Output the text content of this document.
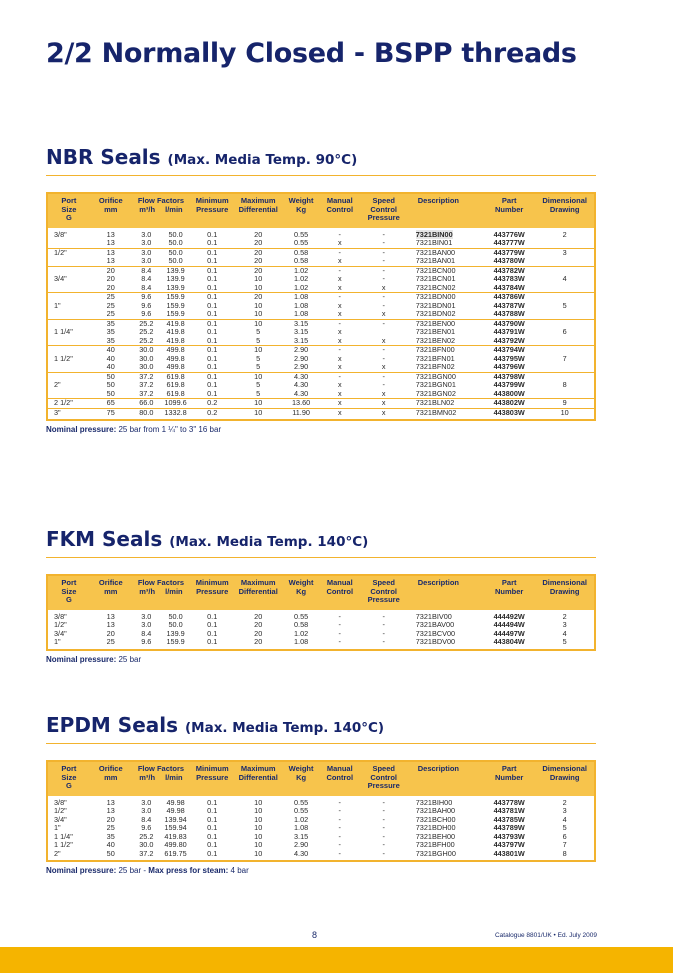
2/2 Normally Closed - BSPP threads
NBR Seals (Max. Media Temp. 90°C)
Port
Size
G	Orifice
mm	Flow Factors
m³/h l/min		Minimum
Pressure	Maximum
Differential	Weight
Kg	Manual
Control	Speed
Control
Pressure	Description	Part
Number	Dimensional
Drawing

3/8"	13	3.0	50.0	0.1	20	0.55	-	-	7321BIN00	443776W	2
	13	3.0	50.0	0.1	20	0.55	x	-	7321BIN01	443777W	
1/2"	13	3.0	50.0	0.1	20	0.58	-	-	7321BAN00	443779W	3
	13	3.0	50.0	0.1	20	0.58	x	-	7321BAN01	443780W	
	20	8.4	139.9	0.1	20	1.02	-	-	7321BCN00	443782W	
3/4"	20	8.4	139.9	0.1	10	1.02	x	-	7321BCN01	443783W	4
	20	8.4	139.9	0.1	10	1.02	x	x	7321BCN02	443784W	
	25	9.6	159.9	0.1	20	1.08	-	-	7321BDN00	443786W	
1"	25	9.6	159.9	0.1	10	1.08	x	-	7321BDN01	443787W	5
	25	9.6	159.9	0.1	10	1.08	x	x	7321BDN02	443788W	
	35	25.2	419.8	0.1	10	3.15	-	-	7321BEN00	443790W	
1 1/4"	35	25.2	419.8	0.1	5	3.15	x		7321BEN01	443791W	6
	35	25.2	419.8	0.1	5	3.15	x	x	7321BEN02	443792W	
	40	30.0	499.8	0.1	10	2.90	-	-	7321BFN00	443794W	
1 1/2"	40	30.0	499.8	0.1	5	2.90	x	-	7321BFN01	443795W	7
	40	30.0	499.8	0.1	5	2.90	x	x	7321BFN02	443796W	
	50	37.2	619.8	0.1	10	4.30	-	-	7321BGN00	443798W	
2"	50	37.2	619.8	0.1	5	4.30	x	-	7321BGN01	443799W	8
	50	37.2	619.8	0.1	5	4.30	x	x	7321BGN02	443800W	
2 1/2"	65	66.0	1099.6	0.2	10	13.60	x	x	7321BLN02	443802W	9
3"	75	80.0	1332.8	0.2	10	11.90	x	x	7321BMN02	443803W	10
Nominal pressure: 25 bar from 1 ¼" to 3" 16 bar
FKM Seals (Max. Media Temp. 140°C)
Port
Size
G	Orifice
mm	Flow Factors
m³/h l/min		Minimum
Pressure	Maximum
Differential	Weight
Kg	Manual
Control	Speed
Control
Pressure	Description	Part
Number	Dimensional
Drawing

3/8"	13	3.0	50.0	0.1	20	0.55	-	-	7321BIV00	444492W	2
1/2"	13	3.0	50.0	0.1	20	0.58	-	-	7321BAV00	444494W	3
3/4"	20	8.4	139.9	0.1	20	1.02	-	-	7321BCV00	444497W	4
1"	25	9.6	159.9	0.1	20	1.08	-	-	7321BDV00	443804W	5
Nominal pressure: 25 bar
EPDM Seals (Max. Media Temp. 140°C)
Port
Size
G	Orifice
mm	Flow Factors
m³/h l/min		Minimum
Pressure	Maximum
Differential	Weight
Kg	Manual
Control	Speed
Control
Pressure	Description	Part
Number	Dimensional
Drawing

3/8"	13	3.0	49.98	0.1	10	0.55	-	-	7321BIH00	443778W	2
1/2"	13	3.0	49.98	0.1	10	0.55	-	-	7321BAH00	443781W	3
3/4"	20	8.4	139.94	0.1	10	1.02	-	-	7321BCH00	443785W	4
1"	25	9.6	159.94	0.1	10	1.08	-	-	7321BDH00	443789W	5
1 1/4"	35	25.2	419.83	0.1	10	3.15	-	-	7321BEH00	443793W	6
1 1/2"	40	30.0	499.80	0.1	10	2.90	-	-	7321BFH00	443797W	7
2"	50	37.2	619.75	0.1	10	4.30	-	-	7321BGH00	443801W	8
Nominal pressure: 25 bar - Max press for steam: 4 bar
8	Catalogue 8801/UK • Ed. July 2009
